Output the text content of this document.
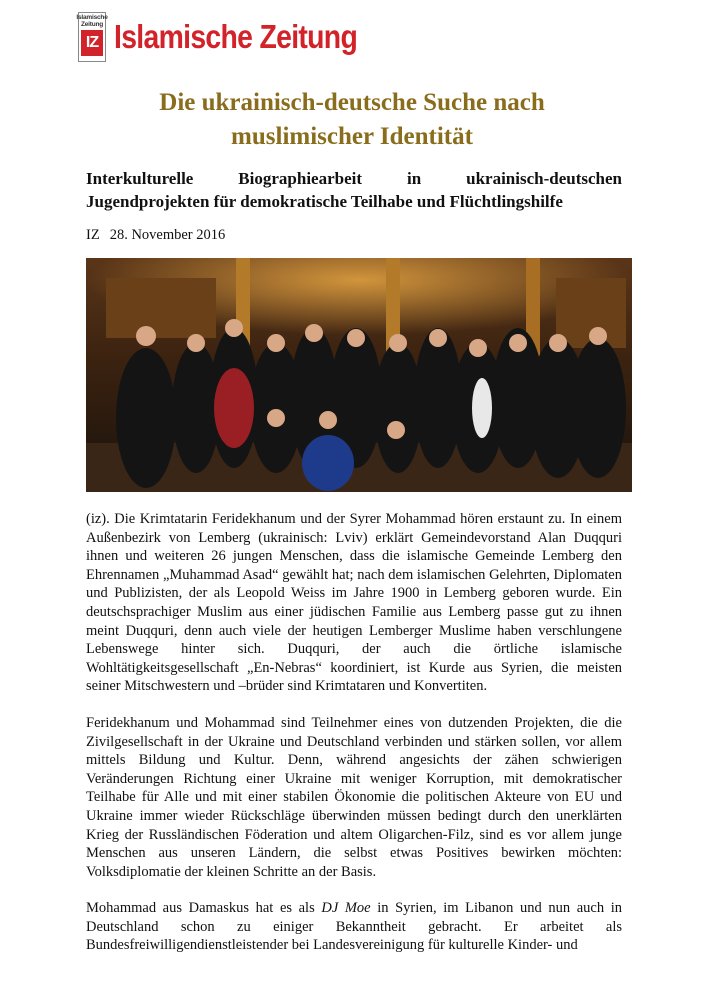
Islamische
Zeitung
IZ Islamische Zeitung
Die ukrainisch-deutsche Suche nach
muslimischer Identität
Interkulturelle Biographiearbeit in ukrainisch-deutschen Jugendprojekten für demokratische Teilhabe und Flüchtlingshilfe
IZ 28. November 2016

(iz). Die Krimtatarin Feridekhanum und der Syrer Mohammad hören erstaunt zu. In einem Außenbezirk von Lemberg (ukrainisch: Lviv) erklärt Gemeindevorstand Alan Duqquri ihnen und weiteren 26 jungen Menschen, dass die islamische Gemeinde Lemberg den Ehrennamen „Muhammad Asad“ gewählt hat; nach dem islamischen Gelehrten, Diplomaten und Publizisten, der als Leopold Weiss im Jahre 1900 in Lemberg geboren wurde. Ein deutschsprachiger Muslim aus einer jüdischen Familie aus Lemberg passe gut zu ihnen meint Duqquri, denn auch viele der heutigen Lemberger Muslime haben verschlungene Lebenswege hinter sich. Duqquri, der auch die örtliche islamische Wohltätigkeitsgesellschaft „En-Nebras“ koordiniert, ist Kurde aus Syrien, die meisten seiner Mitschwestern und –brüder sind Krimtataren und Konvertiten.

Feridekhanum und Mohammad sind Teilnehmer eines von dutzenden Projekten, die die Zivilgesellschaft in der Ukraine und Deutschland verbinden und stärken sollen, vor allem mittels Bildung und Kultur. Denn, während angesichts der zähen schwierigen Veränderungen Richtung einer Ukraine mit weniger Korruption, mit demokratischer Teilhabe für Alle und mit einer stabilen Ökonomie die politischen Akteure von EU und Ukraine immer wieder Rückschläge überwinden müssen bedingt durch den unerklärten Krieg der Russländischen Föderation und altem Oligarchen-Filz, sind es vor allem junge Menschen aus unseren Ländern, die selbst etwas Positives bewirken möchten: Volksdiplomatie der kleinen Schritte an der Basis.

Mohammad aus Damaskus hat es als DJ Moe in Syrien, im Libanon und nun auch in Deutschland schon zu einiger Bekanntheit gebracht. Er arbeitet als Bundesfreiwilligendienstleistender bei Landesvereinigung für kulturelle Kinder- und
